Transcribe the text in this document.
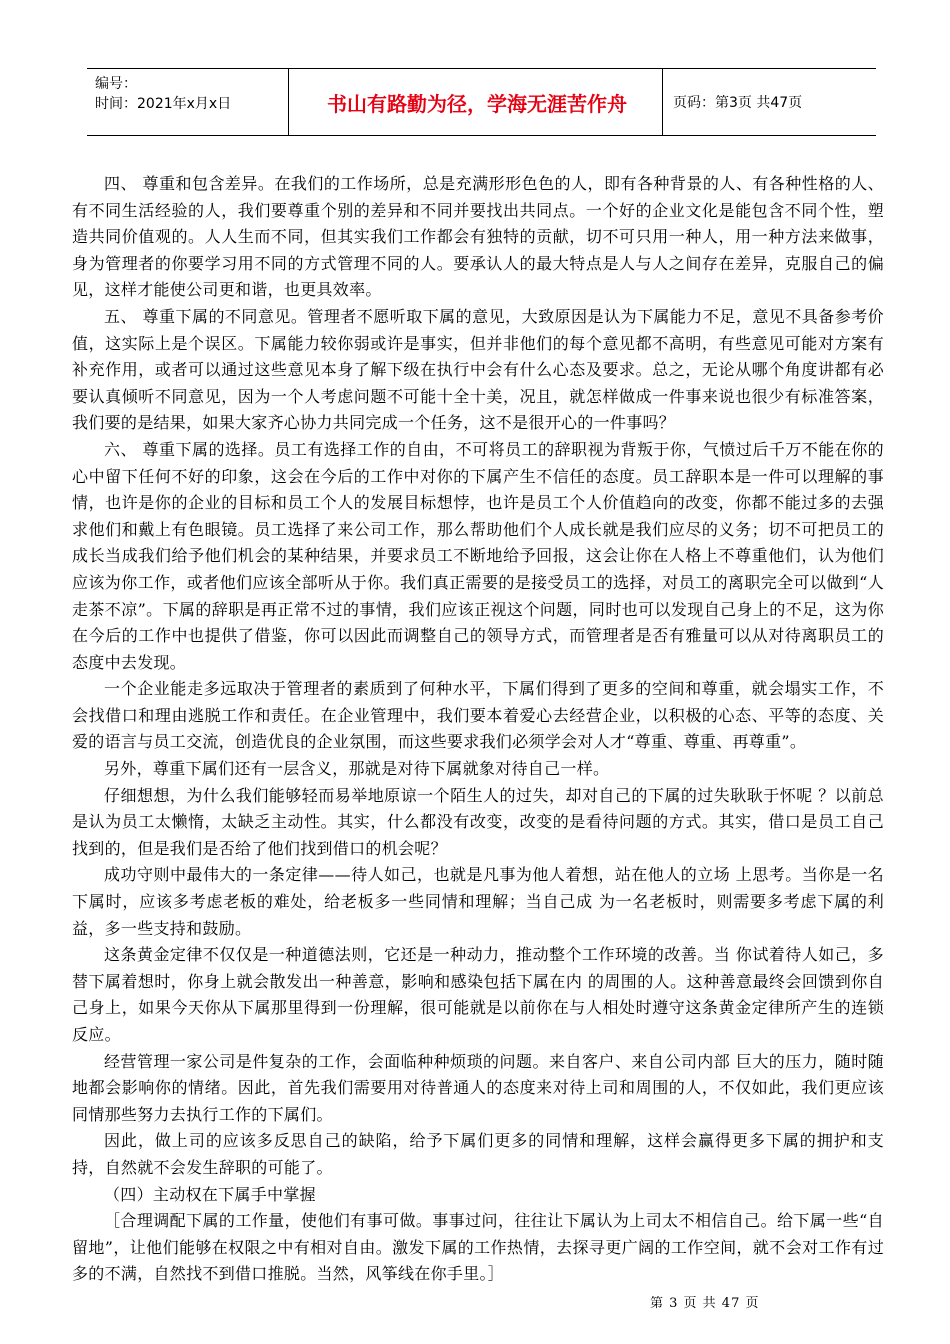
编号：
时间：2021年x月x日	书山有路勤为径，学海无涯苦作舟	页码：第3页 共47页

四、 尊重和包含差异。在我们的工作场所，总是充满形形色色的人，即有各种背景的人、有各种性格的人、有不同生活经验的人，我们要尊重个别的差异和不同并要找出共同点。一个好的企业文化是能包含不同个性，塑造共同价值观的。人人生而不同，但其实我们工作都会有独特的贡献，切不可只用一种人，用一种方法来做事，身为管理者的你要学习用不同的方式管理不同的人。要承认人的最大特点是人与人之间存在差异，克服自己的偏见，这样才能使公司更和谐，也更具效率。

五、 尊重下属的不同意见。管理者不愿听取下属的意见，大致原因是认为下属能力不足，意见不具备参考价值，这实际上是个误区。下属能力较你弱或许是事实，但并非他们的每个意见都不高明，有些意见可能对方案有补充作用，或者可以通过这些意见本身了解下级在执行中会有什么心态及要求。总之，无论从哪个角度讲都有必要认真倾听不同意见，因为一个人考虑问题不可能十全十美，况且，就怎样做成一件事来说也很少有标准答案，我们要的是结果，如果大家齐心协力共同完成一个任务，这不是很开心的一件事吗？

六、 尊重下属的选择。员工有选择工作的自由，不可将员工的辞职视为背叛于你，气愤过后千万不能在你的心中留下任何不好的印象，这会在今后的工作中对你的下属产生不信任的态度。员工辞职本是一件可以理解的事情，也许是你的企业的目标和员工个人的发展目标想悖，也许是员工个人价值趋向的改变，你都不能过多的去强求他们和戴上有色眼镜。员工选择了来公司工作，那么帮助他们个人成长就是我们应尽的义务；切不可把员工的成长当成我们给予他们机会的某种结果，并要求员工不断地给予回报，这会让你在人格上不尊重他们，认为他们应该为你工作，或者他们应该全部听从于你。我们真正需要的是接受员工的选择，对员工的离职完全可以做到“人走茶不凉”。下属的辞职是再正常不过的事情，我们应该正视这个问题，同时也可以发现自己身上的不足，这为你在今后的工作中也提供了借鉴，你可以因此而调整自己的领导方式，而管理者是否有雅量可以从对待离职员工的态度中去发现。

一个企业能走多远取决于管理者的素质到了何种水平，下属们得到了更多的空间和尊重，就会塌实工作，不会找借口和理由逃脱工作和责任。在企业管理中，我们要本着爱心去经营企业，以积极的心态、平等的态度、关爱的语言与员工交流，创造优良的企业氛围，而这些要求我们必须学会对人才“尊重、尊重、再尊重”。

另外，尊重下属们还有一层含义，那就是对待下属就象对待自己一样。

仔细想想，为什么我们能够轻而易举地原谅一个陌生人的过失，却对自己的下属的过失耿耿于怀呢 ？以前总是认为员工太懒惰，太缺乏主动性。其实，什么都没有改变，改变的是看待问题的方式。其实，借口是员工自己找到的，但是我们是否给了他们找到借口的机会呢？

成功守则中最伟大的一条定律——待人如己，也就是凡事为他人着想，站在他人的立场 上思考。当你是一名下属时，应该多考虑老板的难处，给老板多一些同情和理解；当自己成 为一名老板时，则需要多考虑下属的利益，多一些支持和鼓励。

这条黄金定律不仅仅是一种道德法则，它还是一种动力，推动整个工作环境的改善。当 你试着待人如己，多替下属着想时，你身上就会散发出一种善意，影响和感染包括下属在内 的周围的人。这种善意最终会回馈到你自己身上，如果今天你从下属那里得到一份理解，很可能就是以前你在与人相处时遵守这条黄金定律所产生的连锁反应。

经营管理一家公司是件复杂的工作，会面临种种烦琐的问题。来自客户、来自公司内部 巨大的压力，随时随地都会影响你的情绪。因此，首先我们需要用对待普通人的态度来对待上司和周围的人，不仅如此，我们更应该同情那些努力去执行工作的下属们。

因此，做上司的应该多反思自己的缺陷，给予下属们更多的同情和理解，这样会赢得更多下属的拥护和支持，自然就不会发生辞职的可能了。

（四）主动权在下属手中掌握

［合理调配下属的工作量，使他们有事可做。事事过问，往往让下属认为上司太不相信自己。给下属一些“自留地”，让他们能够在权限之中有相对自由。激发下属的工作热情，去探寻更广阔的工作空间，就不会对工作有过多的不满，自然找不到借口推脱。当然，风筝线在你手里。］

第 3 页 共 47 页
